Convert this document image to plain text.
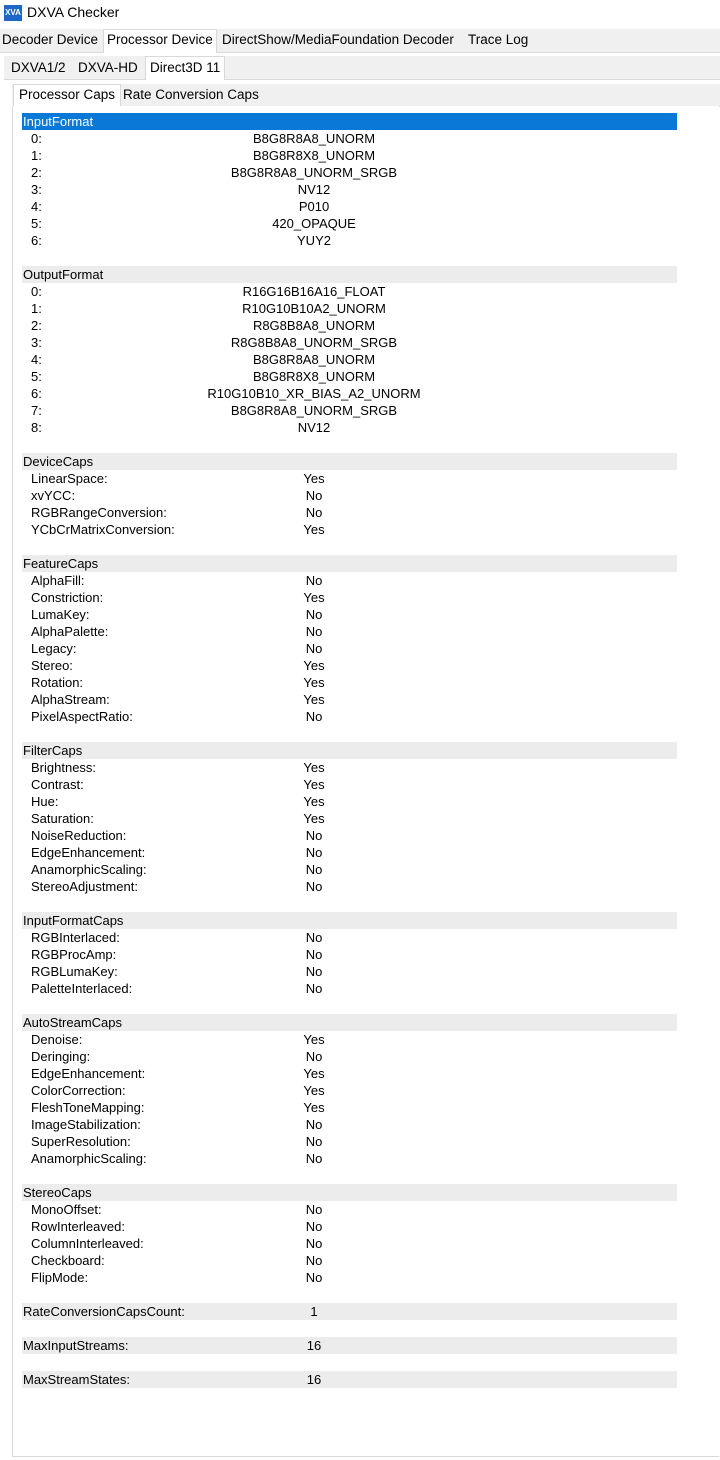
XVA DXVA Checker
Decoder Device Processor Device DirectShow/MediaFoundation Decoder Trace Log
DXVA1/2 DXVA-HD Direct3D 11
Processor Caps Rate Conversion Caps
InputFormat
0:	B8G8R8A8_UNORM
1:	B8G8R8X8_UNORM
2:	B8G8R8A8_UNORM_SRGB
3:	NV12
4:	P010
5:	420_OPAQUE
6:	YUY2
OutputFormat
0:	R16G16B16A16_FLOAT
1:	R10G10B10A2_UNORM
2:	R8G8B8A8_UNORM
3:	R8G8B8A8_UNORM_SRGB
4:	B8G8R8A8_UNORM
5:	B8G8R8X8_UNORM
6:	R10G10B10_XR_BIAS_A2_UNORM
7:	B8G8R8A8_UNORM_SRGB
8:	NV12
DeviceCaps
LinearSpace:	Yes
xvYCC:	No
RGBRangeConversion:	No
YCbCrMatrixConversion:	Yes
FeatureCaps
AlphaFill:	No
Constriction:	Yes
LumaKey:	No
AlphaPalette:	No
Legacy:	No
Stereo:	Yes
Rotation:	Yes
AlphaStream:	Yes
PixelAspectRatio:	No
FilterCaps
Brightness:	Yes
Contrast:	Yes
Hue:	Yes
Saturation:	Yes
NoiseReduction:	No
EdgeEnhancement:	No
AnamorphicScaling:	No
StereoAdjustment:	No
InputFormatCaps
RGBInterlaced:	No
RGBProcAmp:	No
RGBLumaKey:	No
PaletteInterlaced:	No
AutoStreamCaps
Denoise:	Yes
Deringing:	No
EdgeEnhancement:	Yes
ColorCorrection:	Yes
FleshToneMapping:	Yes
ImageStabilization:	No
SuperResolution:	No
AnamorphicScaling:	No
StereoCaps
MonoOffset:	No
RowInterleaved:	No
ColumnInterleaved:	No
Checkboard:	No
FlipMode:	No
RateConversionCapsCount:	1
MaxInputStreams:	16
MaxStreamStates:	16
